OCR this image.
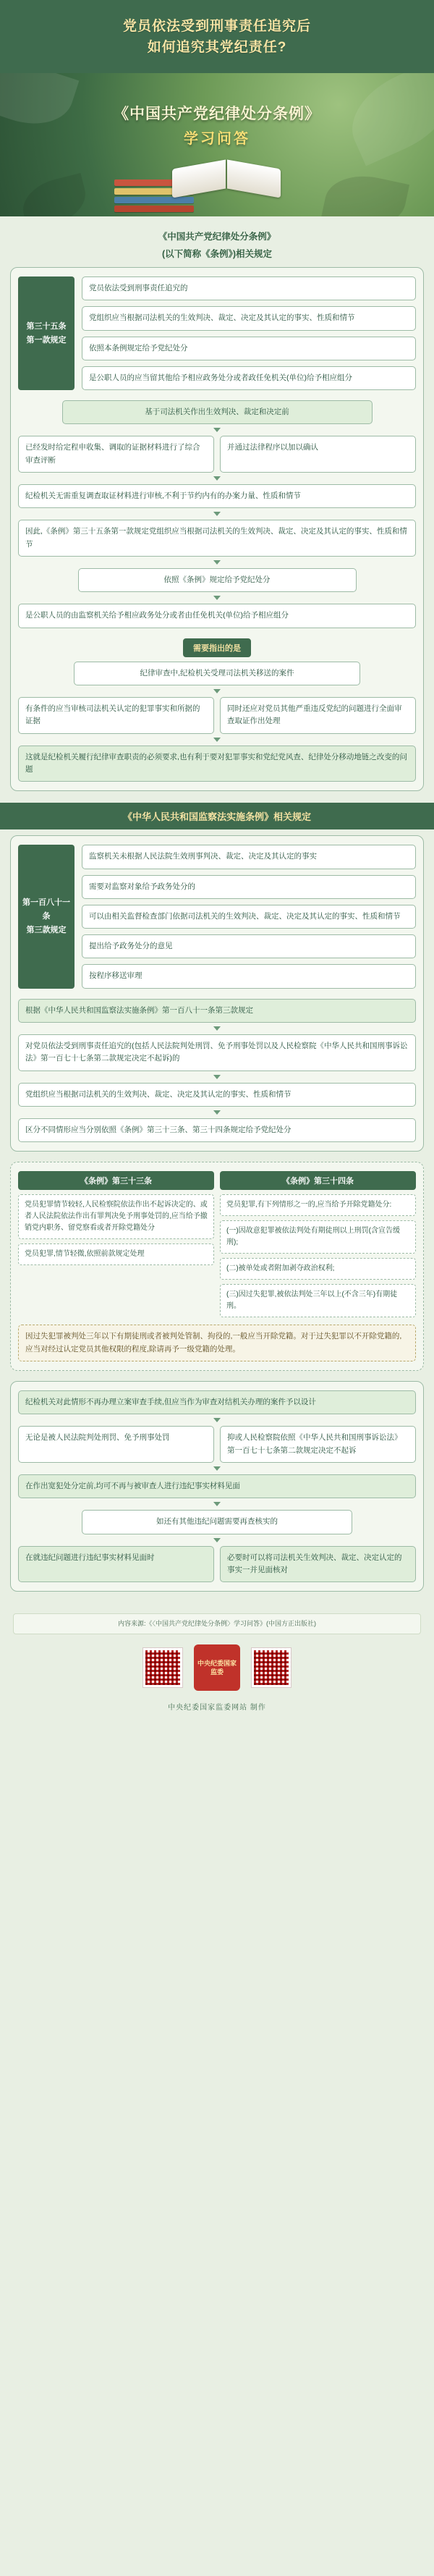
党员依法受到刑事责任追究后
如何追究其党纪责任?
《中国共产党纪律处分条例》
学习问答
《中国共产党纪律处分条例》
(以下简称《条例》)相关规定
第三十五条
第一款规定
党员依法受到刑事责任追究的
党组织应当根据司法机关的生效判决、裁定、决定及其认定的事实、性质和情节
依照本条例规定给予党纪处分
是公职人员的应当留其他给予相应政务处分或者政任免机关(单位)给予相应组分
基于司法机关作出生效判决、裁定和决定前
已经发时给定程申收集、调取的证据材料进行了综合审查评断
并通过法律程序以加以确认
纪检机关无需重复调查取证材料进行审核,不利于节约内有的办案力量、性质和情节
因此,《条例》第三十五条第一款规定党组织应当根据司法机关的生效判决、裁定、决定及其认定的事实、性质和情节
依照《条例》规定给予党纪处分
是公职人员的由监察机关给予相应政务处分或者由任免机关(单位)给予相应组分
需要指出的是
纪律审查中,纪检机关受理司法机关移送的案件
有条件的应当审核司法机关认定的犯罪事实和所据的证据
同时还应对党员其他严重违反党纪的问题进行全面审查取证作出处理
这就是纪检机关履行纪律审查职责的必须要求,也有利于要对犯罪事实和党纪党风查、纪律处分移动地链之改变的问题
《中华人民共和国监察法实施条例》相关规定
第一百八十一条
第三款规定
监察机关未根据人民法院生效刑事判决、裁定、决定及其认定的事实
需要对监察对象给予政务处分的
可以由相关监督检查部门依据司法机关的生效判决、裁定、决定及其认定的事实、性质和情节
提出给予政务处分的意见
按程序移送审理
根据《中华人民共和国监察法实施条例》第一百八十一条第三款规定
对党员依法受到刑事责任追究的(包括人民法院判处刑罚、免予刑事处罚以及人民检察院《中华人民共和国刑事诉讼法》第一百七十七条第二款规定决定不起诉)的
党组织应当根据司法机关的生效判决、裁定、决定及其认定的事实、性质和情节
区分不同情形应当分别依照《条例》第三十三条、第三十四条规定给予党纪处分
《条例》第三十三条
党员犯罪情节较轻,人民检察院依法作出不起诉决定的、或者人民法院依法作出有罪判决免予刑事处罚的,应当给予撤销党内职务、留党察看或者开除党籍处分
党员犯罪,情节轻微,依照前款规定处理
《条例》第三十四条
党员犯罪,有下列情形之一的,应当给予开除党籍处分:
(一)因故意犯罪被依法判处有期徒刑以上刑罚(含宣告缓刑);
(二)被单处或者附加剥夺政治权利;
(三)因过失犯罪,被依法判处三年以上(不含三年)有期徒刑。
因过失犯罪被判处三年以下有期徒刑或者被判处管制、拘役的,一般应当开除党籍。对于过失犯罪以不开除党籍的,应当对经过认定党员其他权限的程度,除请再予一级党籍的处理。
纪检机关对此情形不再办理立案审查手续,但应当作为审查对结机关办理的案件予以设计
无论是被人民法院判处刑罚、免予刑事处罚	抑或人民检察院依照《中华人民共和国刑事诉讼法》第一百七十七条第二款规定决定不起诉
在作出宽犯处分定前,均可不再与被审查人进行违纪事实材料见面
如还有其他违纪问题需要再查核实的
在就违纪问题进行违纪事实材料见面时	必要时可以将司法机关生效判决、裁定、决定认定的事实一并见面核对
内容来源:《〈中国共产党纪律处分条例〉学习问答》(中国方正出版社)
中央纪委国家监委
中央纪委国家监委网站 制作
